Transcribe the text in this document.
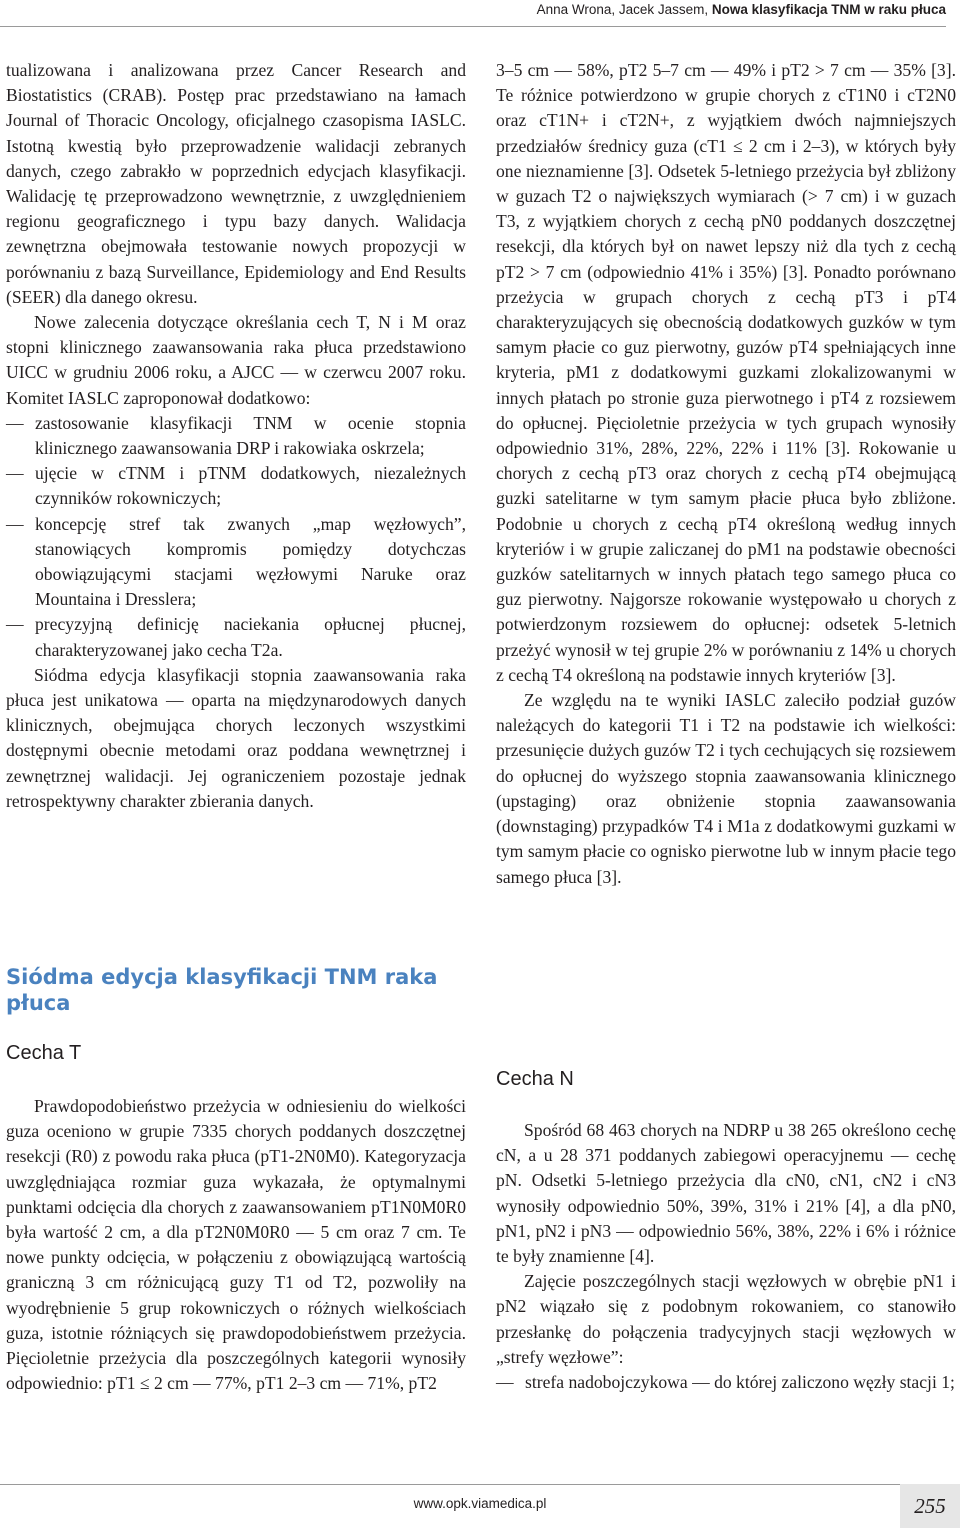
Anna Wrona, Jacek Jassem, Nowa klasyfikacja TNM w raku płuca

tualizowana i analizowana przez Cancer Research and Biostatistics (CRAB). Postęp prac przedstawiano na łamach Journal of Thoracic Oncology, oficjalnego czasopisma IASLC. Istotną kwestią było przeprowadzenie walidacji zebranych danych, czego zabrakło w poprzednich edycjach klasyfikacji. Walidację tę przeprowadzono wewnętrznie, z uwzględnieniem regionu geograficznego i typu bazy danych. Walidacja zewnętrzna obejmowała testowanie nowych propozycji w porównaniu z bazą Surveillance, Epidemiology and End Results (SEER) dla danego okresu.

Nowe zalecenia dotyczące określania cech T, N i M oraz stopni klinicznego zaawansowania raka płuca przedstawiono UICC w grudniu 2006 roku, a AJCC — w czerwcu 2007 roku. Komitet IASLC zaproponował dodatkowo:

— zastosowanie klasyfikacji TNM w ocenie stopnia klinicznego zaawansowania DRP i rakowiaka oskrzela;

— ujęcie w cTNM i pTNM dodatkowych, niezależnych czynników rokowniczych;

— koncepcję stref tak zwanych „map węzłowych”, stanowiących kompromis pomiędzy dotychczas obowiązującymi stacjami węzłowymi Naruke oraz Mountaina i Dresslera;

— precyzyjną definicję naciekania opłucnej płucnej, charakteryzowanej jako cecha T2a.

Siódma edycja klasyfikacji stopnia zaawansowania raka płuca jest unikatowa — oparta na międzynarodowych danych klinicznych, obejmująca chorych leczonych wszystkimi dostępnymi obecnie metodami oraz poddana wewnętrznej i zewnętrznej walidacji. Jej ograniczeniem pozostaje jednak retrospektywny charakter zbierania danych.

Siódma edycja klasyfikacji TNM raka płuca
Cecha T

Prawdopodobieństwo przeżycia w odniesieniu do wielkości guza oceniono w grupie 7335 chorych poddanych doszczętnej resekcji (R0) z powodu raka płuca (pT1-2N0M0). Kategoryzacja uwzględniająca rozmiar guza wykazała, że optymalnymi punktami odcięcia dla chorych z zaawansowaniem pT1N0M0R0 była wartość 2 cm, a dla pT2N0M0R0 — 5 cm oraz 7 cm. Te nowe punkty odcięcia, w połączeniu z obowiązującą wartością graniczną 3 cm różnicującą guzy T1 od T2, pozwoliły na wyodrębnienie 5 grup rokowniczych o różnych wielkościach guza, istotnie różniących się prawdopodobieństwem przeżycia. Pięcioletnie przeżycia dla poszczególnych kategorii wynosiły odpowiednio: pT1 ≤ 2 cm — 77%, pT1 2–3 cm — 71%, pT2

3–5 cm — 58%, pT2 5–7 cm — 49% i pT2 > 7 cm — 35% [3]. Te różnice potwierdzono w grupie chorych z cT1N0 i cT2N0 oraz cT1N+ i cT2N+, z wyjątkiem dwóch najmniejszych przedziałów średnicy guza (cT1 ≤ 2 cm i 2–3), w których były one nieznamienne [3]. Odsetek 5-letniego przeżycia był zbliżony w guzach T2 o największych wymiarach (> 7 cm) i w guzach T3, z wyjątkiem chorych z cechą pN0 poddanych doszczętnej resekcji, dla których był on nawet lepszy niż dla tych z cechą pT2 > 7 cm (odpowiednio 41% i 35%) [3]. Ponadto porównano przeżycia w grupach chorych z cechą pT3 i pT4 charakteryzujących się obecnością dodatkowych guzków w tym samym płacie co guz pierwotny, guzów pT4 spełniających inne kryteria, pM1 z dodatkowymi guzkami zlokalizowanymi w innych płatach po stronie guza pierwotnego i pT4 z rozsiewem do opłucnej. Pięcioletnie przeżycia w tych grupach wynosiły odpowiednio 31%, 28%, 22%, 22% i 11% [3]. Rokowanie u chorych z cechą pT3 oraz chorych z cechą pT4 obejmującą guzki satelitarne w tym samym płacie płuca było zbliżone. Podobnie u chorych z cechą pT4 określoną według innych kryteriów i w grupie zaliczanej do pM1 na podstawie obecności guzków satelitarnych w innych płatach tego samego płuca co guz pierwotny. Najgorsze rokowanie występowało u chorych z potwierdzonym rozsiewem do opłucnej: odsetek 5-letnich przeżyć wynosił w tej grupie 2% w porównaniu z 14% u chorych z cechą T4 określoną na podstawie innych kryteriów [3].

Ze względu na te wyniki IASLC zaleciło podział guzów należących do kategorii T1 i T2 na podstawie ich wielkości: przesunięcie dużych guzów T2 i tych cechujących się rozsiewem do opłucnej do wyższego stopnia zaawansowania klinicznego (upstaging) oraz obniżenie stopnia zaawansowania (downstaging) przypadków T4 i M1a z dodatkowymi guzkami w tym samym płacie co ognisko pierwotne lub w innym płacie tego samego płuca [3].

Cecha N

Spośród 68 463 chorych na NDRP u 38 265 określono cechę cN, a u 28 371 poddanych zabiegowi operacyjnemu — cechę pN. Odsetki 5-letniego przeżycia dla cN0, cN1, cN2 i cN3 wynosiły odpowiednio 50%, 39%, 31% i 21% [4], a dla pN0, pN1, pN2 i pN3 — odpowiednio 56%, 38%, 22% i 6% i różnice te były znamienne [4].

Zajęcie poszczególnych stacji węzłowych w obrębie pN1 i pN2 wiązało się z podobnym rokowaniem, co stanowiło przesłankę do połączenia tradycyjnych stacji węzłowych w „strefy węzłowe”:

— strefa nadobojczykowa — do której zaliczono węzły stacji 1;

www.opk.viamedica.pl	255
